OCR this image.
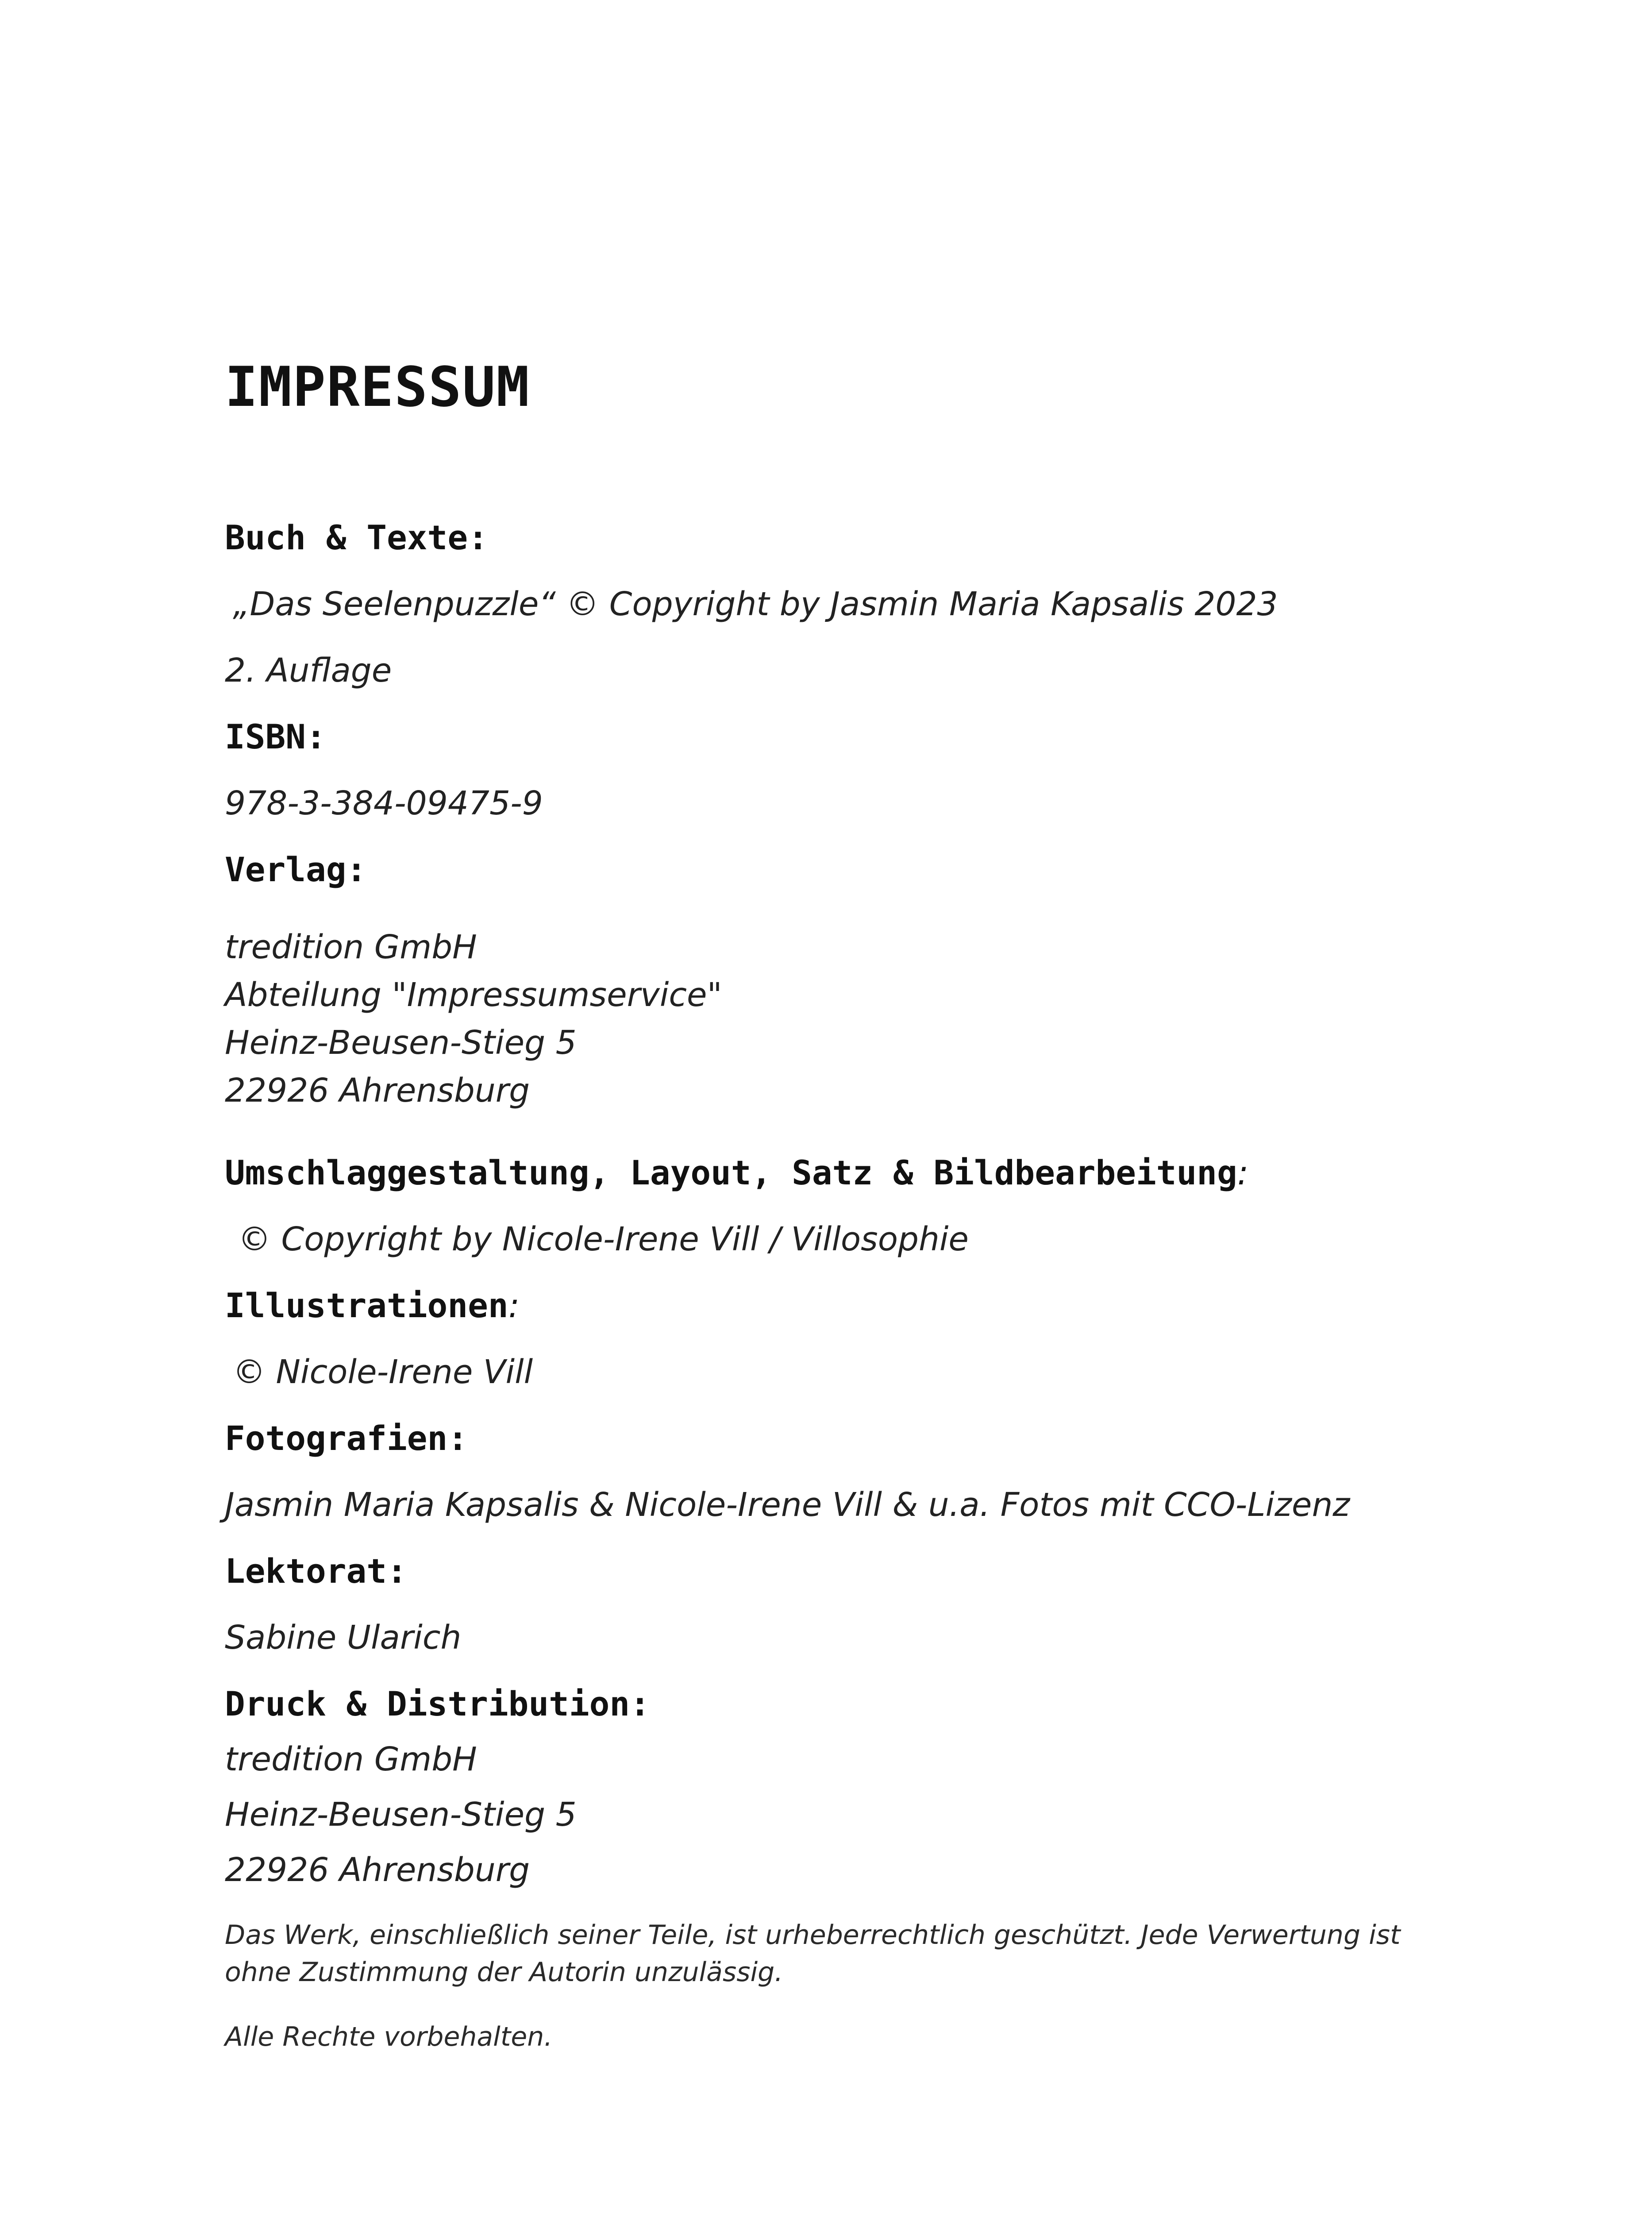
IMPRESSUM
Buch & Texte:
„Das Seelenpuzzle“ © Copyright by Jasmin Maria Kapsalis 2023
2. Auflage
ISBN:
978-3-384-09475-9
Verlag:
tredition GmbH
Abteilung "Impressumservice"
Heinz-Beusen-Stieg 5
22926 Ahrensburg
Umschlaggestaltung, Layout, Satz & Bildbearbeitung:
© Copyright by Nicole-Irene Vill / Villosophie
Illustrationen:
© Nicole-Irene Vill
Fotografien:
Jasmin Maria Kapsalis & Nicole-Irene Vill & u.a. Fotos mit CCO-Lizenz
Lektorat:
Sabine Ularich
Druck & Distribution:
tredition GmbH
Heinz-Beusen-Stieg 5
22926 Ahrensburg
Das Werk, einschließlich seiner Teile, ist urheberrechtlich geschützt. Jede Verwertung ist ohne Zustimmung der Autorin unzulässig.
Alle Rechte vorbehalten.
